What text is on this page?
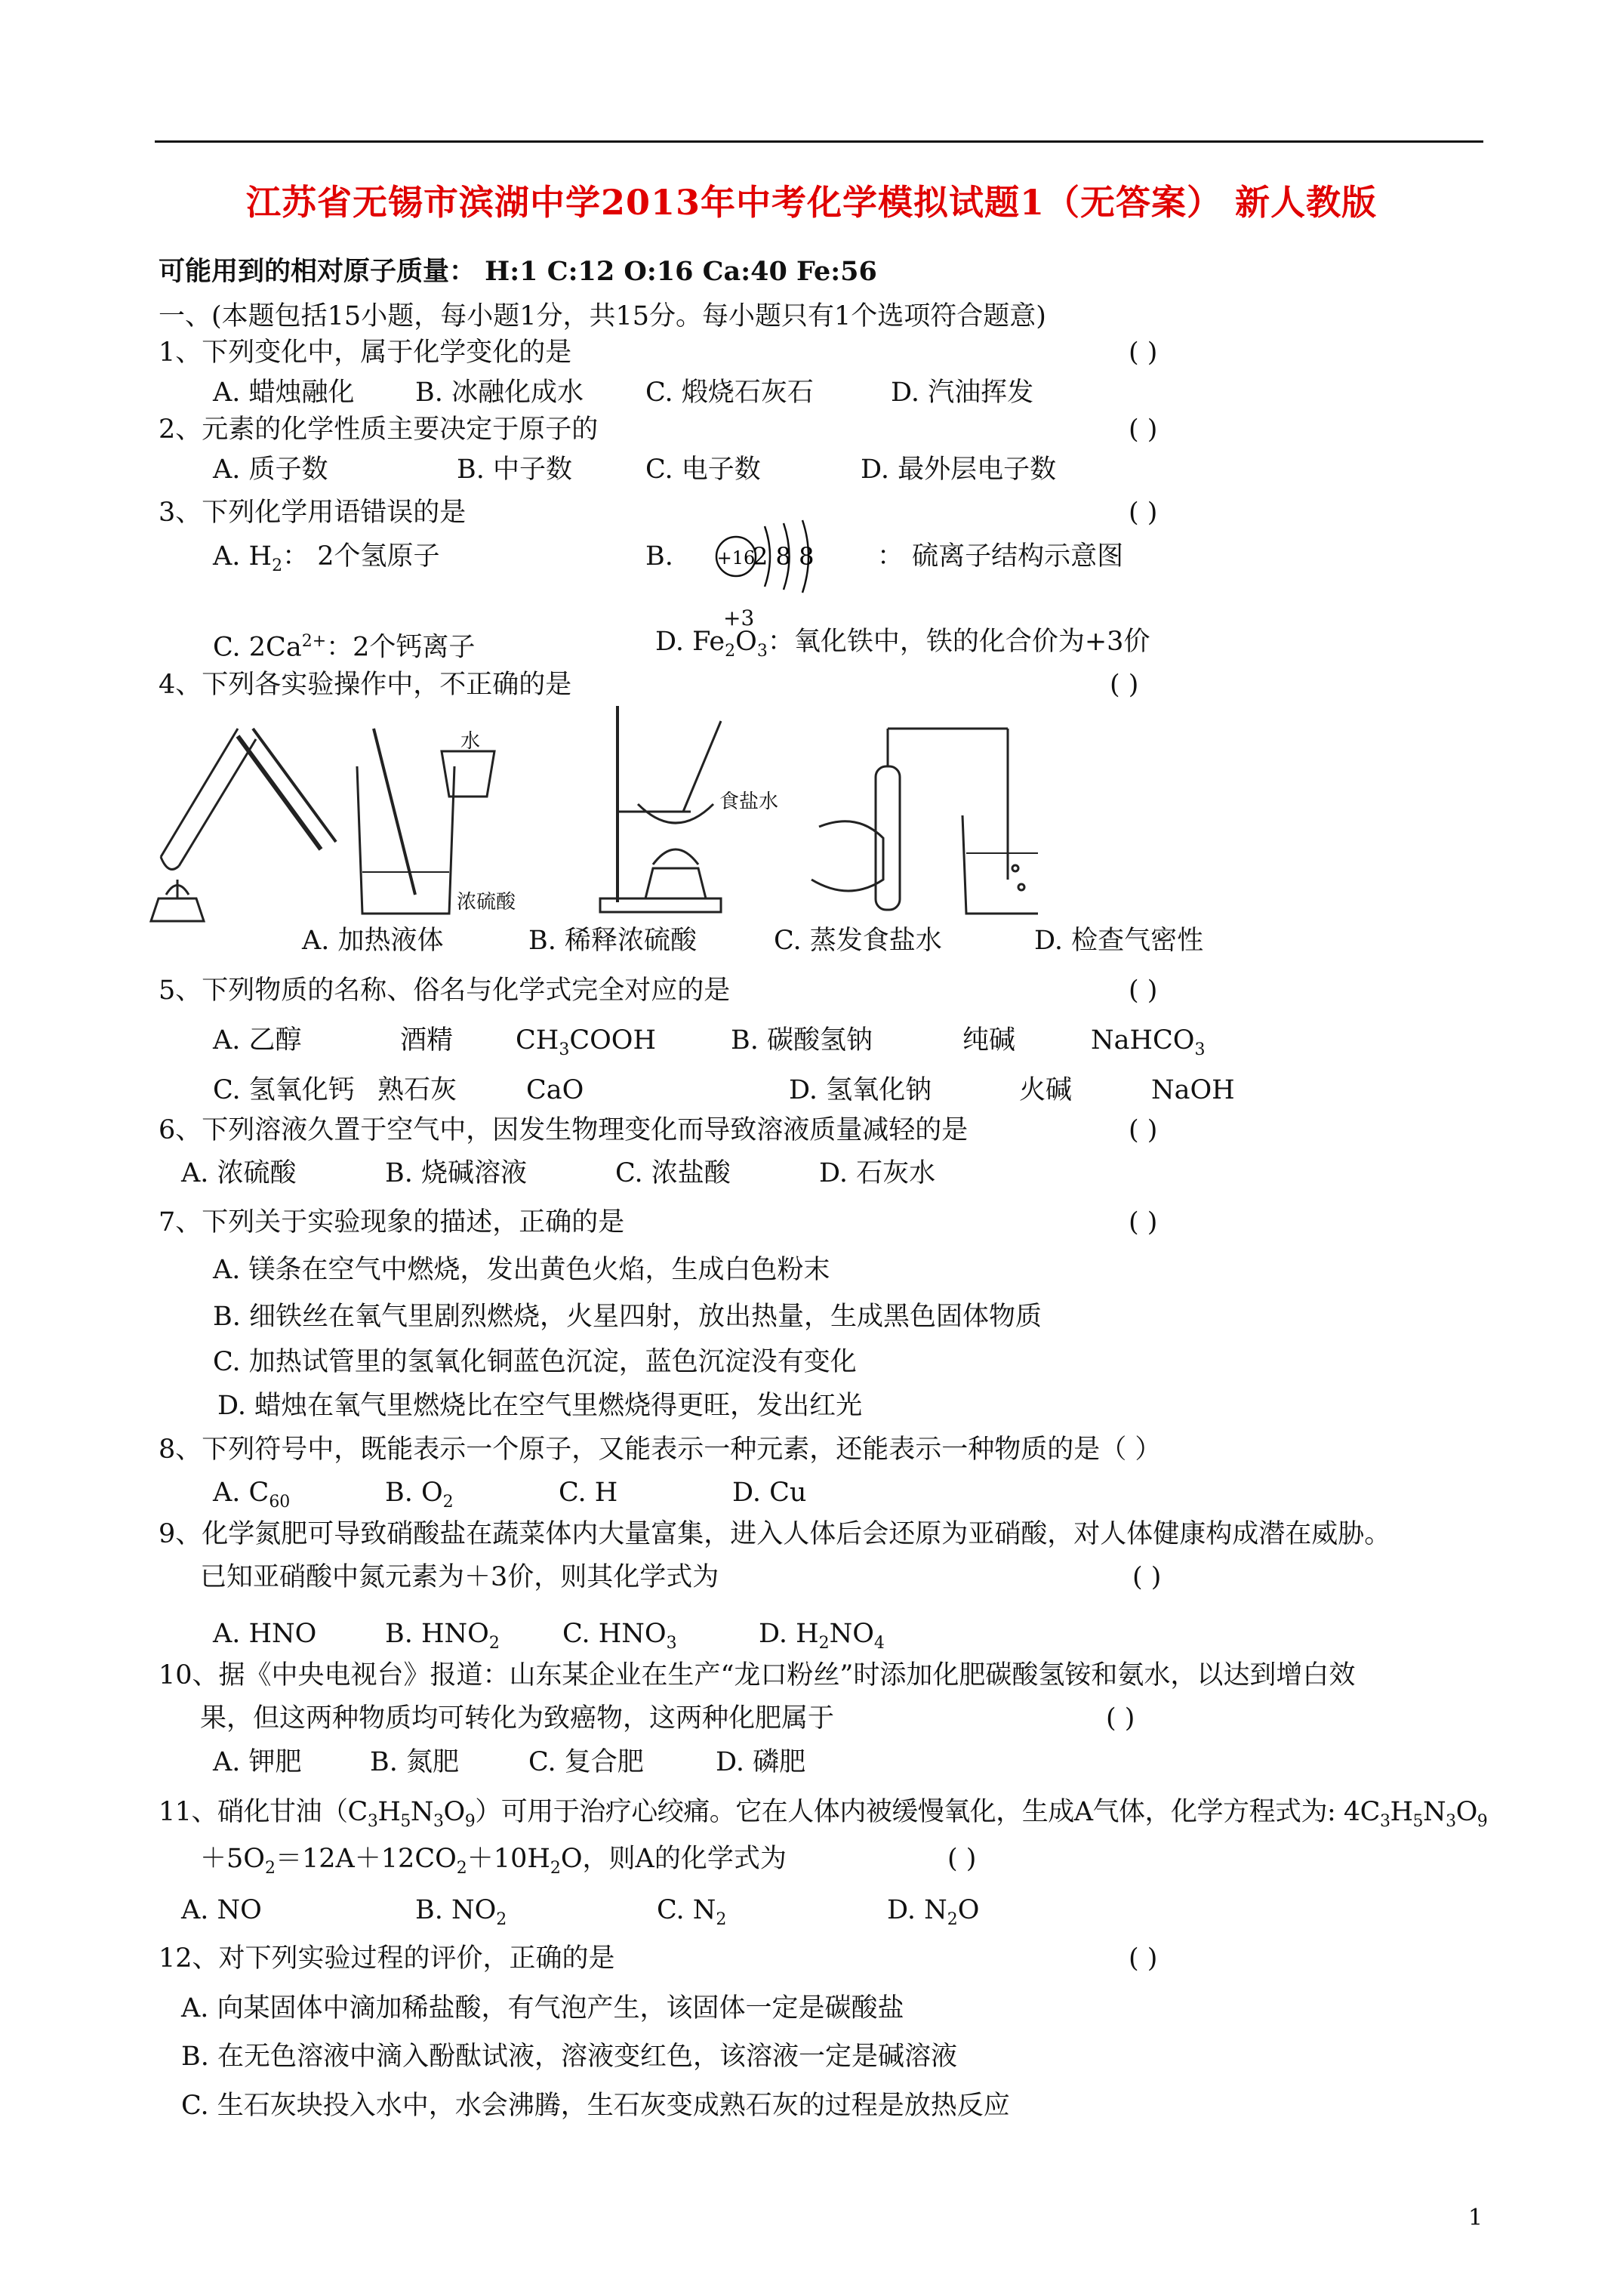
江苏省无锡市滨湖中学2013年中考化学模拟试题1（无答案） 新人教版
可能用到的相对原子质量： H:1 C:12 O:16 Ca:40 Fe:56
一、(本题包括15小题，每小题1分，共15分。每小题只有1个选项符合题意)
1、下列变化中，属于化学变化的是	( )
A. 蜡烛融化 B. 冰融化成水 C. 煅烧石灰石	D. 汽油挥发
2、元素的化学性质主要决定于原子的	( )
A. 质子数	B. 中子数	C. 电子数	D. 最外层电子数
3、下列化学用语错误的是	( )
A. $H_2$： 2个氢原子	B. +16
2 8 8 ： 硫离子结构示意图
+3
C. $2Ca^{2+}$：2个钙离子	D. $Fe_2O_3$：氧化铁中，铁的化合价为+3价
4、下列各实验操作中，不正确的是	( )
水
浓硫酸
食盐水
A. 加热液体	B. 稀释浓硫酸	C. 蒸发食盐水	D. 检查气密性
5、下列物质的名称、俗名与化学式完全对应的是	( )
A. 乙醇	酒精 $CH_3COOH$	B. 碳酸氢钠	纯碱	NaHCO$_3$
C. 氢氧化钙 熟石灰	CaO	D. 氢氧化钠	火碱	NaOH
6、下列溶液久置于空气中，因发生物理变化而导致溶液质量减轻的是	( )
A. 浓硫酸	B. 烧碱溶液	C. 浓盐酸	D. 石灰水
7、下列关于实验现象的描述，正确的是	( )
A. 镁条在空气中燃烧，发出黄色火焰，生成白色粉末
B. 细铁丝在氧气里剧烈燃烧，火星四射，放出热量，生成黑色固体物质
C. 加热试管里的氢氧化铜蓝色沉淀，蓝色沉淀没有变化
D. 蜡烛在氧气里燃烧比在空气里燃烧得更旺，发出红光
8、下列符号中，既能表示一个原子，又能表示一种元素，还能表示一种物质的是（ ）
A. $C_{60}$	B. $O_2$	C. H	D. Cu
9、化学氮肥可导致硝酸盐在蔬菜体内大量富集，进入人体后会还原为亚硝酸，对人体健康构成潜在威胁。
已知亚硝酸中氮元素为＋3价，则其化学式为	( )
A. HNO	B. $HNO_2$ C. $HNO_3$	D. $H_2NO_4$
10、据《中央电视台》报道：山东某企业在生产“龙口粉丝”时添加化肥碳酸氢铵和氨水，以达到增白效
果，但这两种物质均可转化为致癌物，这两种化肥属于	( )
A. 钾肥	B. 氮肥	C. 复合肥	D. 磷肥
11、硝化甘油$(C_3H_5N_3O_9)$可用于治疗心绞痛。它在人体内被缓慢氧化，生成A气体，化学方程式为: $4C_3H_5N_3O_9$
$+5O_2=12A+12CO_2+10H_2O$，则A的化学式为	( )
A. NO	B. $NO_2$	C. $N_2$	D. $N_2O$
12、对下列实验过程的评价，正确的是	( )
A. 向某固体中滴加稀盐酸，有气泡产生，该固体一定是碳酸盐
B. 在无色溶液中滴入酚酞试液，溶液变红色，该溶液一定是碱溶液
C. 生石灰块投入水中，水会沸腾，生石灰变成熟石灰的过程是放热反应
1
